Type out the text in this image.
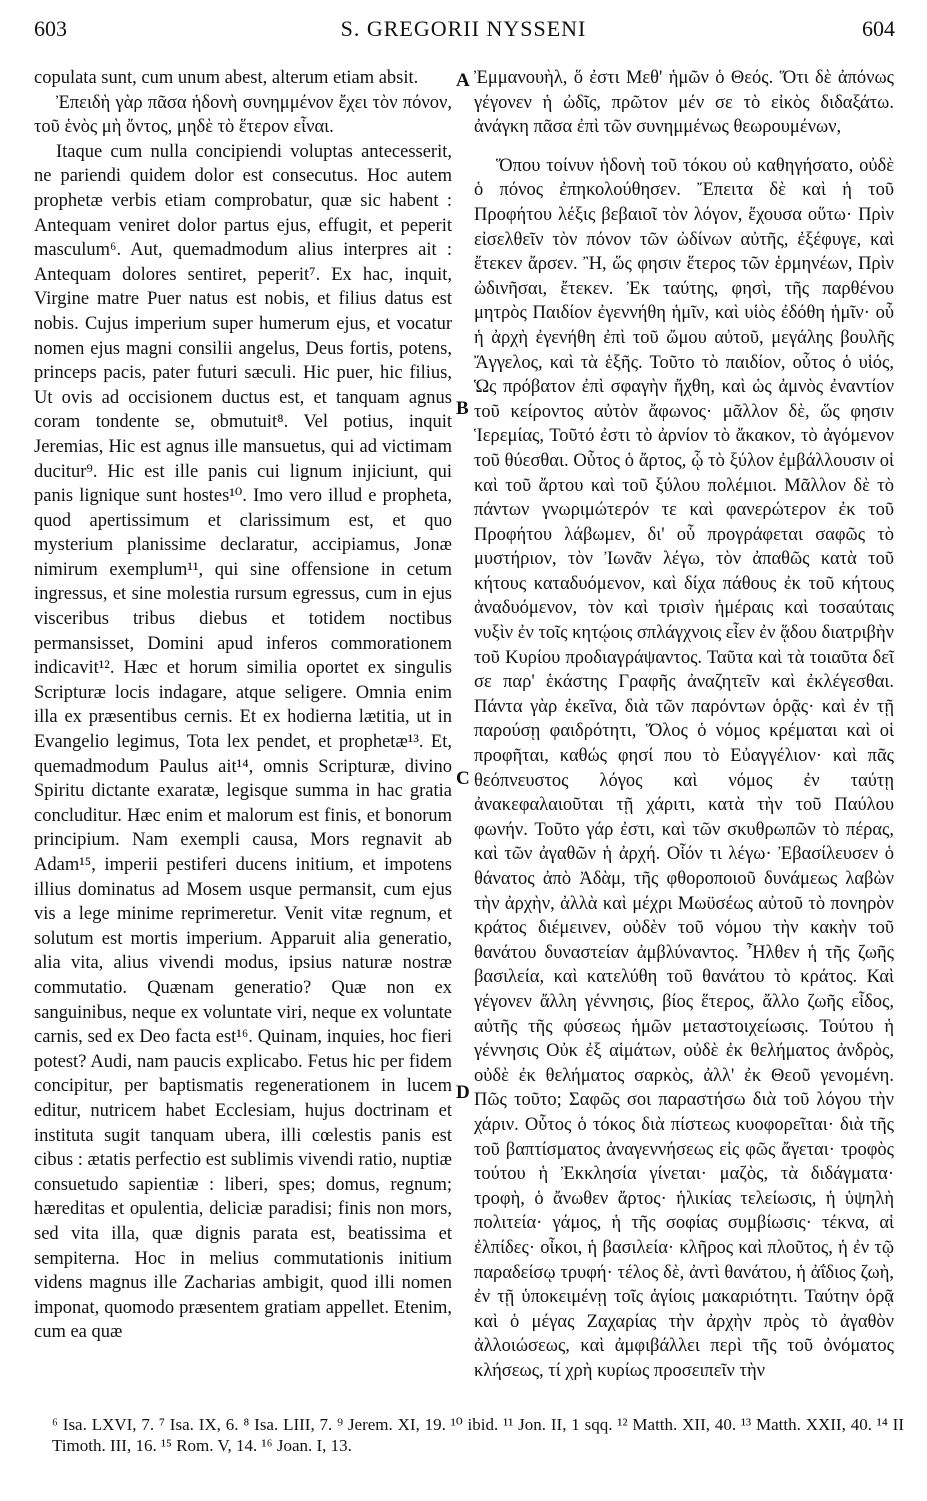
603	S. GREGORII NYSSENI	604

copulata sunt, cum unum abest, alterum etiam absit.

Ἐπειδὴ γὰρ πᾶσα ἡδονὴ συνημμένον ἔχει τὸν πόνον, τοῦ ἑνὸς μὴ ὄντος, μηδὲ τὸ ἕτερον εἶναι.

Itaque cum nulla concipiendi voluptas antecesserit, ne pariendi quidem dolor est consecutus. Hoc autem prophetæ verbis etiam comprobatur, quæ sic habent : Antequam veniret dolor partus ejus, effugit, et peperit masculum⁶. Aut, quemadmodum alius interpres ait : Antequam dolores sentiret, peperit⁷. Ex hac, inquit, Virgine matre Puer natus est nobis, et filius datus est nobis. Cujus imperium super humerum ejus, et vocatur nomen ejus magni consilii angelus, Deus fortis, potens, princeps pacis, pater futuri sæculi. Hic puer, hic filius, Ut ovis ad occisionem ductus est, et tanquam agnus coram tondente se, obmutuit⁸. Vel potius, inquit Jeremias, Hic est agnus ille mansuetus, qui ad victimam ducitur⁹. Hic est ille panis cui lignum injiciunt, qui panis lignique sunt hostes¹⁰. Imo vero illud e propheta, quod apertissimum et clarissimum est, et quo mysterium planissime declaratur, accipiamus, Jonæ nimirum exemplum¹¹, qui sine offensione in cetum ingressus, et sine molestia rursum egressus, cum in ejus visceribus tribus diebus et totidem noctibus permansisset, Domini apud inferos commorationem indicavit¹². Hæc et horum similia oportet ex singulis Scripturæ locis indagare, atque seligere. Omnia enim illa ex præsentibus cernis. Et ex hodierna lætitia, ut in Evangelio legimus, Tota lex pendet, et prophetæ¹³. Et, quemadmodum Paulus ait¹⁴, omnis Scripturæ, divino Spiritu dictante exaratæ, legisque summa in hac gratia concluditur. Hæc enim et malorum est finis, et bonorum principium. Nam exempli causa, Mors regnavit ab Adam¹⁵, imperii pestiferi ducens initium, et impotens illius dominatus ad Mosem usque permansit, cum ejus vis a lege minime reprimeretur. Venit vitæ regnum, et solutum est mortis imperium. Apparuit alia generatio, alia vita, alius vivendi modus, ipsius naturæ nostræ commutatio. Quænam generatio? Quæ non ex sanguinibus, neque ex voluntate viri, neque ex voluntate carnis, sed ex Deo facta est¹⁶. Quinam, inquies, hoc fieri potest? Audi, nam paucis explicabo. Fetus hic per fidem concipitur, per baptismatis regenerationem in lucem editur, nutricem habet Ecclesiam, hujus doctrinam et instituta sugit tanquam ubera, illi cœlestis panis est cibus : ætatis perfectio est sublimis vivendi ratio, nuptiæ consuetudo sapientiæ : liberi, spes; domus, regnum; hæreditas et opulentia, deliciæ paradisi; finis non mors, sed vita illa, quæ dignis parata est, beatissima et sempiterna. Hoc in melius commutationis initium videns magnus ille Zacharias ambigit, quod illi nomen imponat, quomodo præsentem gratiam appellet. Etenim, cum ea quæ

Ἐμμανουὴλ, ὅ ἐστι Μεθ' ἡμῶν ὁ Θεός. Ὅτι δὲ ἀπόνως γέγονεν ἡ ὠδῖς, πρῶτον μέν σε τὸ εἰκὸς διδαξάτω. ἀνάγκη πᾶσα ἐπὶ τῶν συνημμένως θεωρουμένων,

Ὅπου τοίνυν ἡδονὴ τοῦ τόκου οὐ καθηγήσατο, οὐδὲ ὁ πόνος ἐπηκολούθησεν. Ἔπειτα δὲ καὶ ἡ τοῦ Προφήτου λέξις βεβαιοῖ τὸν λόγον, ἔχουσα οὕτω· Πρὶν εἰσελθεῖν τὸν πόνον τῶν ὠδίνων αὐτῆς, ἐξέφυγε, καὶ ἔτεκεν ἄρσεν. Ἢ, ὥς φησιν ἕτερος τῶν ἑρμηνέων, Πρὶν ὠδινῆσαι, ἔτεκεν. Ἐκ ταύτης, φησὶ, τῆς παρθένου μητρὸς Παιδίον ἐγεννήθη ἡμῖν, καὶ υἱὸς ἐδόθη ἡμῖν· οὗ ἡ ἀρχὴ ἐγενήθη ἐπὶ τοῦ ὤμου αὐτοῦ, μεγάλης βουλῆς Ἄγγελος, καὶ τὰ ἑξῆς. Τοῦτο τὸ παιδίον, οὗτος ὁ υἱός, Ὡς πρόβατον ἐπὶ σφαγὴν ἤχθη, καὶ ὡς ἀμνὸς ἐναντίον τοῦ κείροντος αὐτὸν ἄφωνος· μᾶλλον δὲ, ὥς φησιν Ἱερεμίας, Τοῦτό ἐστι τὸ ἀρνίον τὸ ἄκακον, τὸ ἀγόμενον τοῦ θύεσθαι. Οὗτος ὁ ἄρτος, ᾧ τὸ ξύλον ἐμβάλλουσιν οἱ καὶ τοῦ ἄρτου καὶ τοῦ ξύλου πολέμιοι. Μᾶλλον δὲ τὸ πάντων γνωριμώτερόν τε καὶ φανερώτερον ἐκ τοῦ Προφήτου λάβωμεν, δι' οὗ προγράφεται σαφῶς τὸ μυστήριον, τὸν Ἰωνᾶν λέγω, τὸν ἀπαθῶς κατὰ τοῦ κήτους καταδυόμενον, καὶ δίχα πάθους ἐκ τοῦ κήτους ἀναδυόμενον, τὸν καὶ τρισὶν ἡμέραις καὶ τοσαύταις νυξὶν ἐν τοῖς κητῴοις σπλάγχνοις εἶεν ἐν ᾅδου διατριβὴν τοῦ Κυρίου προδιαγράψαντος. Ταῦτα καὶ τὰ τοιαῦτα δεῖ σε παρ' ἑκάστης Γραφῆς ἀναζητεῖν καὶ ἐκλέγεσθαι. Πάντα γὰρ ἐκεῖνα, διὰ τῶν παρόντων ὁρᾷς· καὶ ἐν τῇ παρούσῃ φαιδρότητι, Ὅλος ὁ νόμος κρέμαται καὶ οἱ προφῆται, καθώς φησί που τὸ Εὐαγγέλιον· καὶ πᾶς θεόπνευστος λόγος καὶ νόμος ἐν ταύτῃ ἀνακεφαλαιοῦται τῇ χάριτι, κατὰ τὴν τοῦ Παύλου φωνήν. Τοῦτο γάρ ἐστι, καὶ τῶν σκυθρωπῶν τὸ πέρας, καὶ τῶν ἀγαθῶν ἡ ἀρχή. Οἷόν τι λέγω· Ἐβασίλευσεν ὁ θάνατος ἀπὸ Ἀδὰμ, τῆς φθοροποιοῦ δυνάμεως λαβὼν τὴν ἀρχὴν, ἀλλὰ καὶ μέχρι Μωϋσέως αὐτοῦ τὸ πονηρὸν κράτος διέμεινεν, οὐδὲν τοῦ νόμου τὴν κακὴν τοῦ θανάτου δυναστείαν ἀμβλύναντος. Ἦλθεν ἡ τῆς ζωῆς βασιλεία, καὶ κατελύθη τοῦ θανάτου τὸ κράτος. Καὶ γέγονεν ἄλλη γέννησις, βίος ἕτερος, ἄλλο ζωῆς εἶδος, αὐτῆς τῆς φύσεως ἡμῶν μεταστοιχείωσις. Τούτου ἡ γέννησις Οὐκ ἐξ αἱμάτων, οὐδὲ ἐκ θελήματος ἀνδρὸς, οὐδὲ ἐκ θελήματος σαρκὸς, ἀλλ' ἐκ Θεοῦ γενομένη. Πῶς τοῦτο; Σαφῶς σοι παραστήσω διὰ τοῦ λόγου τὴν χάριν. Οὗτος ὁ τόκος διὰ πίστεως κυοφορεῖται· διὰ τῆς τοῦ βαπτίσματος ἀναγεννήσεως εἰς φῶς ἄγεται· τροφὸς τούτου ἡ Ἐκκλησία γίνεται· μαζὸς, τὰ διδάγματα· τροφὴ, ὁ ἄνωθεν ἄρτος· ἡλικίας τελείωσις, ἡ ὑψηλὴ πολιτεία· γάμος, ἡ τῆς σοφίας συμβίωσις· τέκνα, αἱ ἐλπίδες· οἶκοι, ἡ βασιλεία· κλῆρος καὶ πλοῦτος, ἡ ἐν τῷ παραδείσῳ τρυφή· τέλος δὲ, ἀντὶ θανάτου, ἡ ἀΐδιος ζωὴ, ἐν τῇ ὑποκειμένῃ τοῖς ἁγίοις μακαριότητι. Ταύτην ὁρᾷ καὶ ὁ μέγας Ζαχαρίας τὴν ἀρχὴν πρὸς τὸ ἀγαθὸν ἀλλοιώσεως, καὶ ἀμφιβάλλει περὶ τῆς τοῦ ὀνόματος κλήσεως, τί χρὴ κυρίως προσειπεῖν τὴν

A
B
C
D
⁶ Isa. LXVI, 7. ⁷ Isa. IX, 6. ⁸ Isa. LIII, 7. ⁹ Jerem. XI, 19. ¹⁰ ibid. ¹¹ Jon. II, 1 sqq. ¹² Matth. XII, 40. ¹³ Matth. XXII, 40. ¹⁴ II Timoth. III, 16. ¹⁵ Rom. V, 14. ¹⁶ Joan. I, 13.
